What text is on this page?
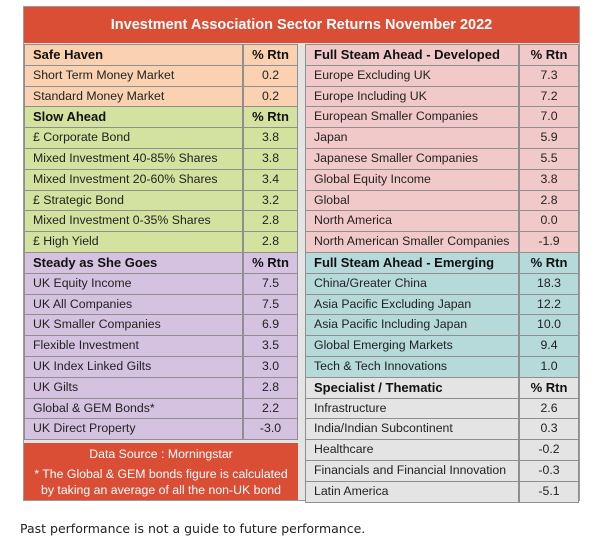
Investment Association Sector Returns November 2022
Safe Haven	% Rtn
Short Term Money Market	0.2
Standard Money Market	0.2
Slow Ahead	% Rtn
£ Corporate Bond	3.8
Mixed Investment 40-85% Shares	3.8
Mixed Investment 20-60% Shares	3.4
£ Strategic Bond	3.2
Mixed Investment 0-35% Shares	2.8
£ High Yield	2.8
Steady as She Goes	% Rtn
UK Equity Income	7.5
UK All Companies	7.5
UK Smaller Companies	6.9
Flexible Investment	3.5
UK Index Linked Gilts	3.0
UK Gilts	2.8
Global & GEM Bonds*	2.2
UK Direct Property	-3.0
Full Steam Ahead - Developed	% Rtn
Europe Excluding UK	7.3
Europe Including UK	7.2
European Smaller Companies	7.0
Japan	5.9
Japanese Smaller Companies	5.5
Global Equity Income	3.8
Global	2.8
North America	0.0
North American Smaller Companies	-1.9
Full Steam Ahead - Emerging	% Rtn
China/Greater China	18.3
Asia Pacific Excluding Japan	12.2
Asia Pacific Including Japan	10.0
Global Emerging Markets	9.4
Tech & Tech Innovations	1.0
Specialist / Thematic	% Rtn
Infrastructure	2.6
India/Indian Subcontinent	0.3
Healthcare	-0.2
Financials and Financial Innovation	-0.3
Latin America	-5.1
Data Source : Morningstar
* The Global & GEM bonds figure is calculated by taking an average of all the non-UK bond sectors
Past performance is not a guide to future performance.
